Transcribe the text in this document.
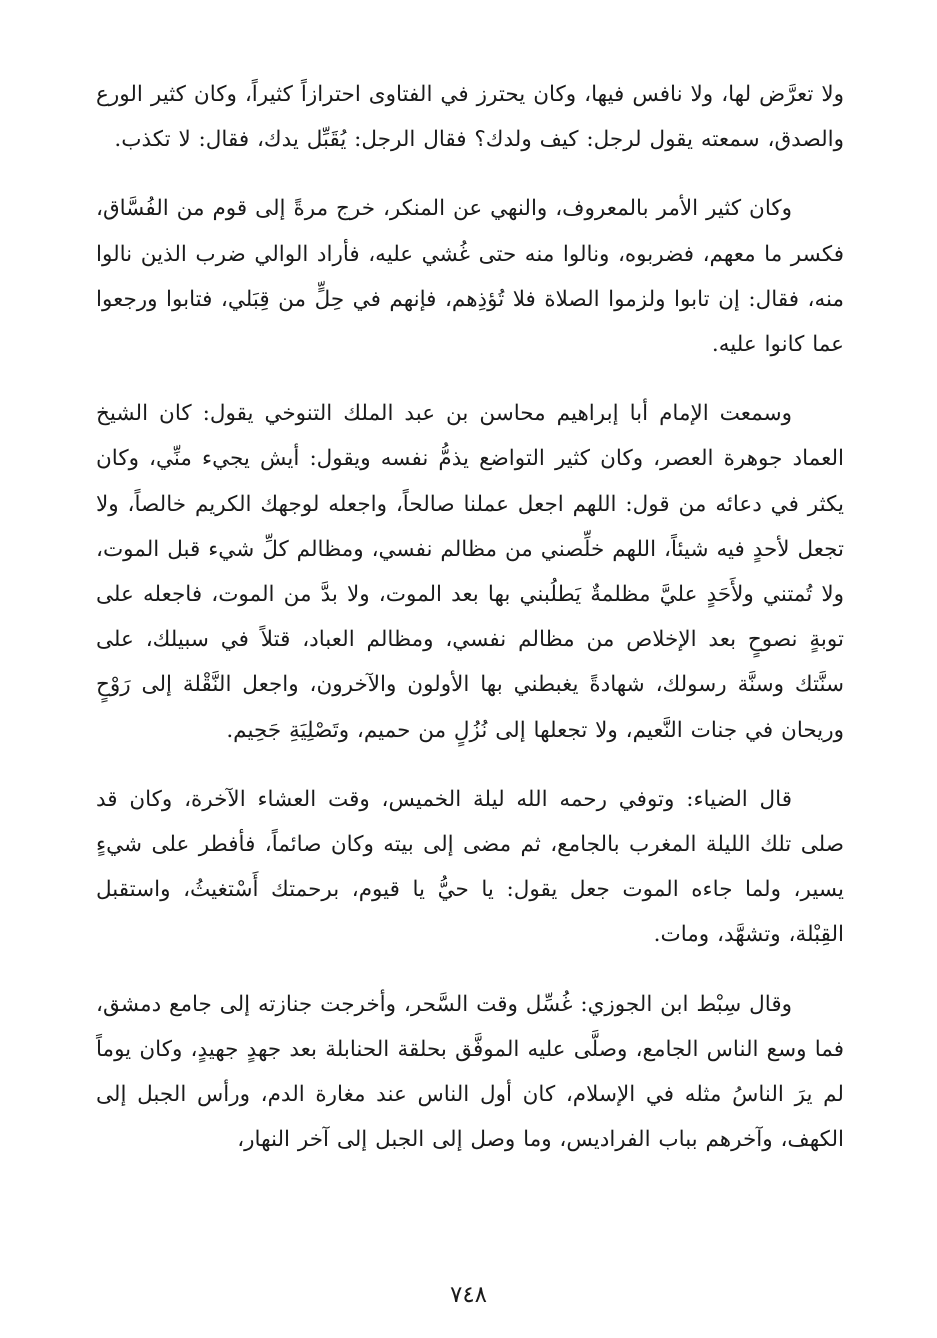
ولا تعرَّض لها، ولا نافس فيها، وكان يحترز في الفتاوى احترازاً كثيراً، وكان كثير الورع والصدق، سمعته يقول لرجل: كيف ولدك؟ فقال الرجل: يُقَبِّل يدك، فقال: لا تكذب.

وكان كثير الأمر بالمعروف، والنهي عن المنكر، خرج مرةً إلى قوم من الفُسَّاق، فكسر ما معهم، فضربوه، ونالوا منه حتى غُشي عليه، فأراد الوالي ضرب الذين نالوا منه، فقال: إن تابوا ولزموا الصلاة فلا تُؤذِهم، فإنهم في حِلٍّ من قِبَلي، فتابوا ورجعوا عما كانوا عليه.

وسمعت الإمام أبا إبراهيم محاسن بن عبد الملك التنوخي يقول: كان الشيخ العماد جوهرة العصر، وكان كثير التواضع يذمُّ نفسه ويقول: أيش يجيء منِّي، وكان يكثر في دعائه من قول: اللهم اجعل عملنا صالحاً، واجعله لوجهك الكريم خالصاً، ولا تجعل لأحدٍ فيه شيئاً، اللهم خلِّصني من مظالم نفسي، ومظالم كلِّ شيء قبل الموت، ولا تُمتني ولأَحَدٍ عليَّ مظلمةٌ يَطلُبني بها بعد الموت، ولا بدَّ من الموت، فاجعله على توبةٍ نصوحٍ بعد الإخلاص من مظالم نفسي، ومظالم العباد، قتلاً في سبيلك، على سنَّتك وسنَّة رسولك، شهادةً يغبطني بها الأولون والآخرون، واجعل النَّقْلة إلى رَوْحٍ وريحان في جنات النَّعيم، ولا تجعلها إلى نُزُلٍ من حميم، وتَصْلِيَةِ جَحِيم.

قال الضياء: وتوفي رحمه الله ليلة الخميس، وقت العشاء الآخرة، وكان قد صلى تلك الليلة المغرب بالجامع، ثم مضى إلى بيته وكان صائماً، فأفطر على شيءٍ يسير، ولما جاءه الموت جعل يقول: يا حيُّ يا قيوم، برحمتك أَسْتغيثُ، واستقبل القِبْلة، وتشهَّد، ومات.

وقال سِبْط ابن الجوزي: غُسِّل وقت السَّحر، وأخرجت جنازته إلى جامع دمشق، فما وسع الناس الجامع، وصلَّى عليه الموفَّق بحلقة الحنابلة بعد جهدٍ جهيدٍ، وكان يوماً لم يرَ الناسُ مثله في الإسلام، كان أول الناس عند مغارة الدم، ورأس الجبل إلى الكهف، وآخرهم بباب الفراديس، وما وصل إلى الجبل إلى آخر النهار،

٧٤٨
